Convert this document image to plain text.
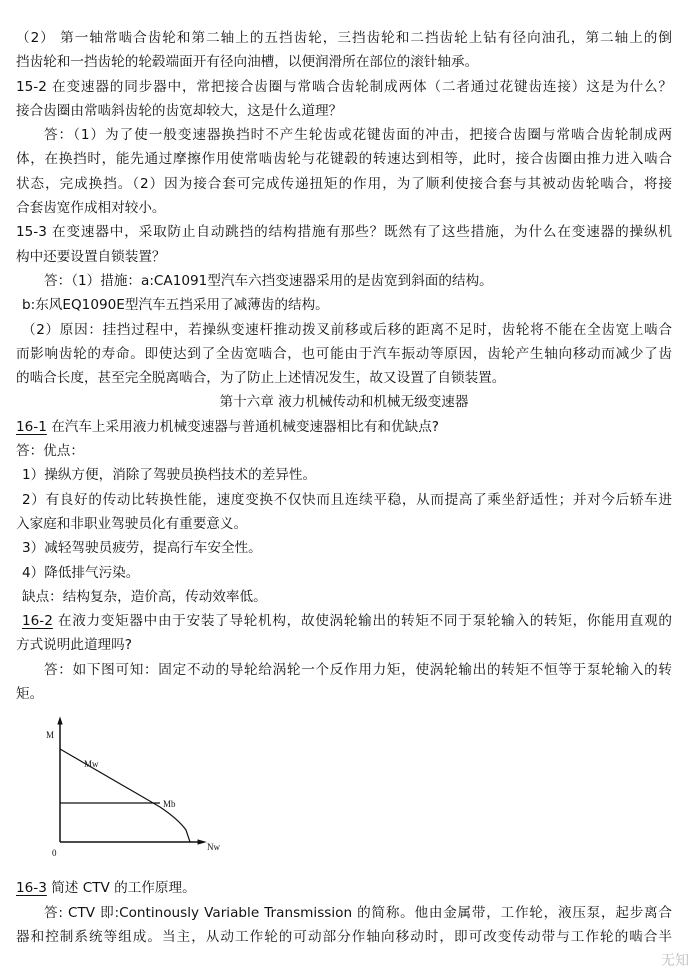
（2） 第一轴常啮合齿轮和第二轴上的五挡齿轮，三挡齿轮和二挡齿轮上钻有径向油孔，第二轴上的倒
挡齿轮和一挡齿轮的轮毂端面开有径向油槽，以便润滑所在部位的滚针轴承。
15-2 在变速器的同步器中，常把接合齿圈与常啮合齿轮制成两体（二者通过花键齿连接）这是为什么？
接合齿圈由常啮斜齿轮的齿宽却较大，这是什么道理？
答：（1）为了使一般变速器换挡时不产生轮齿或花键齿面的冲击，把接合齿圈与常啮合齿轮制成两
体，在换挡时，能先通过摩擦作用使常啮齿轮与花键毂的转速达到相等，此时，接合齿圈由推力进入啮合
状态，完成换挡。（2）因为接合套可完成传递扭矩的作用，为了顺利使接合套与其被动齿轮啮合，将接
合套齿宽作成相对较小。
15-3 在变速器中，采取防止自动跳挡的结构措施有那些？既然有了这些措施，为什么在变速器的操纵机
构中还要设置自锁装置？
答：（1）措施：a:CA1091型汽车六挡变速器采用的是齿宽到斜面的结构。
b:东风EQ1090E型汽车五挡采用了减薄齿的结构。
（2）原因：挂挡过程中，若操纵变速杆推动拨叉前移或后移的距离不足时，齿轮将不能在全齿宽上啮合
而影响齿轮的寿命。即使达到了全齿宽啮合，也可能由于汽车振动等原因，齿轮产生轴向移动而减少了齿
的啮合长度，甚至完全脱离啮合，为了防止上述情况发生，故又设置了自锁装置。
第十六章 液力机械传动和机械无级变速器
16-1 在汽车上采用液力机械变速器与普通机械变速器相比有和优缺点?
答：优点：
1）操纵方便，消除了驾驶员换档技术的差异性。
2）有良好的传动比转换性能，速度变换不仅快而且连续平稳，从而提高了乘坐舒适性；并对今后轿车进
入家庭和非职业驾驶员化有重要意义。
3）减轻驾驶员疲劳，提高行车安全性。
4）降低排气污染。
缺点：结构复杂，造价高，传动效率低。
16-2 在液力变矩器中由于安装了导轮机构，故使涡轮输出的转矩不同于泵轮输入的转矩，你能用直观的
方式说明此道理吗?
答：如下图可知：固定不动的导轮给涡轮一个反作用力矩，使涡轮输出的转矩不恒等于泵轮输入的转
矩。
M
Mw
Mb
0
Nw
16-3 简述 CTV 的工作原理。
答: CTV 即:Continously Variable Transmission 的简称。他由金属带，工作轮，液压泵，起步离合
器和控制系统等组成。当主，从动工作轮的可动部分作轴向移动时，即可改变传动带与工作轮的啮合半
无知
